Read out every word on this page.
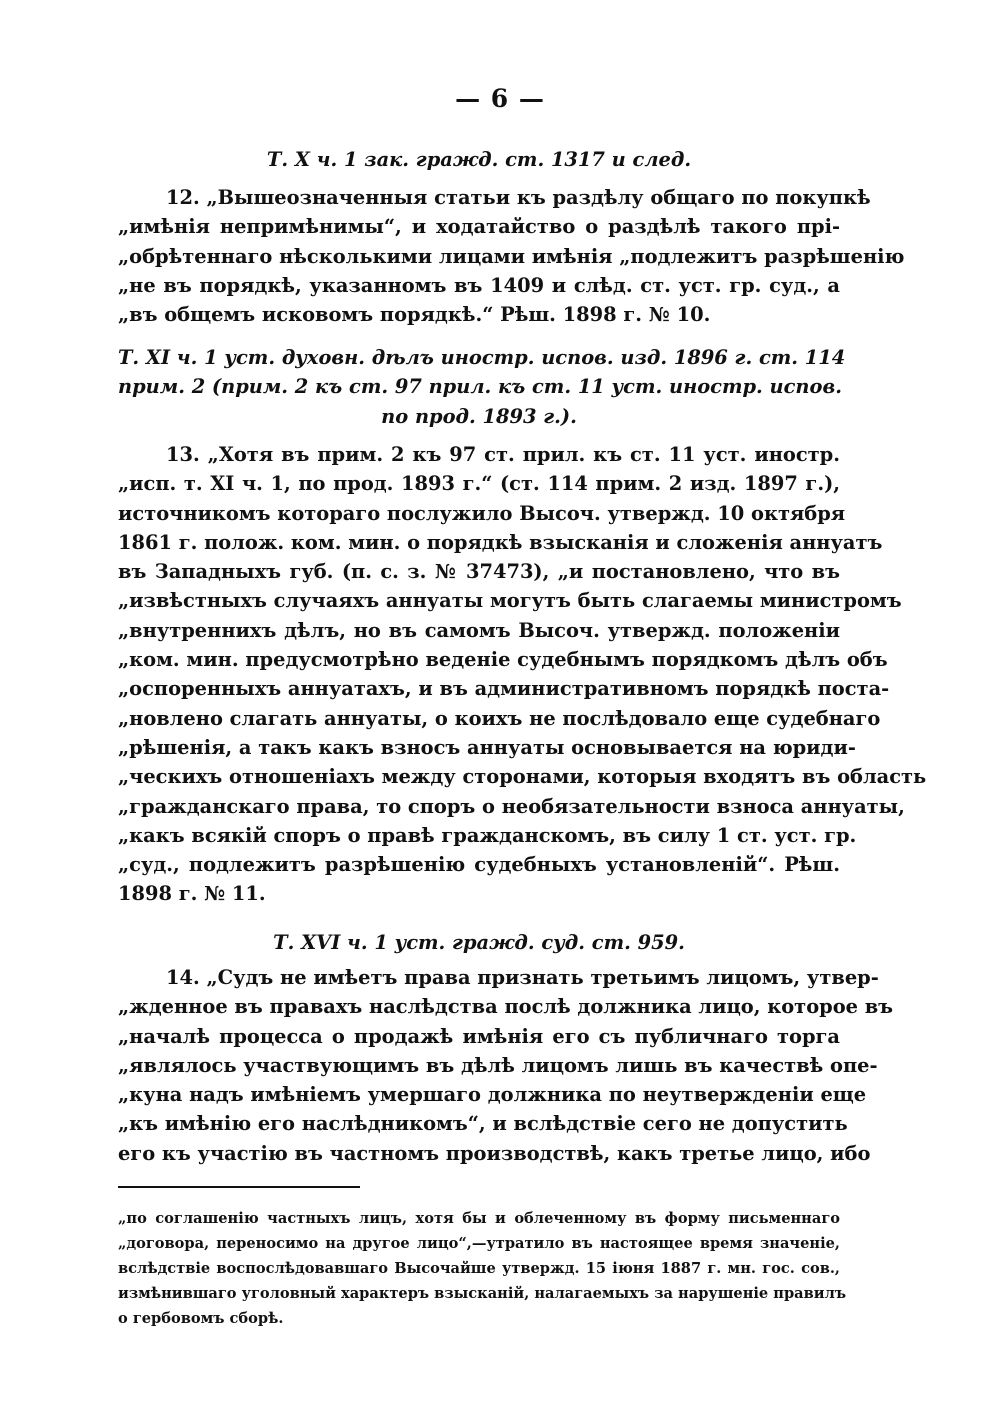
— 6 —
Т. X ч. 1 зак. гражд. ст. 1317 и след.
12. „Вышеозначенныя статьи къ раздѣлу общаго по покупкѣ
„имѣнія непримѣнимы“, и ходатайство о раздѣлѣ такого прі-
„обрѣтеннаго нѣсколькими лицами имѣнія „подлежитъ разрѣшенію
„не въ порядкѣ, указанномъ въ 1409 и слѣд. ст. уст. гр. суд., а
„въ общемъ исковомъ порядкѣ.“ Рѣш. 1898 г. № 10.
Т. XI ч. 1 уст. духовн. дѣлъ иностр. испов. изд. 1896 г. ст. 114
прим. 2 (прим. 2 къ ст. 97 прил. къ ст. 11 уст. иностр. испов.
по прод. 1893 г.).
13. „Хотя въ прим. 2 къ 97 ст. прил. къ ст. 11 уст. иностр.
„исп. т. XI ч. 1, по прод. 1893 г.“ (ст. 114 прим. 2 изд. 1897 г.),
источникомъ котораго послужило Высоч. утвержд. 10 октября
1861 г. полож. ком. мин. о порядкѣ взысканія и сложенія аннуатъ
въ Западныхъ губ. (п. с. з. № 37473), „и постановлено, что въ
„извѣстныхъ случаяхъ аннуаты могутъ быть слагаемы министромъ
„внутреннихъ дѣлъ, но въ самомъ Высоч. утвержд. положеніи
„ком. мин. предусмотрѣно веденіе судебнымъ порядкомъ дѣлъ объ
„оспоренныхъ аннуатахъ, и въ административномъ порядкѣ поста-
„новлено слагать аннуаты, о коихъ не послѣдовало еще судебнаго
„рѣшенія, а такъ какъ взносъ аннуаты основывается на юриди-
„ческихъ отношеніахъ между сторонами, которыя входятъ въ область
„гражданскаго права, то споръ о необязательности взноса аннуаты,
„какъ всякій споръ о правѣ гражданскомъ, въ силу 1 ст. уст. гр.
„суд., подлежитъ разрѣшенію судебныхъ установленій“. Рѣш.
1898 г. № 11.
Т. XVI ч. 1 уст. гражд. суд. ст. 959.
14. „Судъ не имѣетъ права признать третьимъ лицомъ, утвер-
„жденное въ правахъ наслѣдства послѣ должника лицо, которое въ
„началѣ процесса о продажѣ имѣнія его съ публичнаго торга
„являлось участвующимъ въ дѣлѣ лицомъ лишь въ качествѣ опе-
„куна надъ имѣніемъ умершаго должника по неутвержденіи еще
„къ имѣнію его наслѣдникомъ“, и вслѣдствіе сего не допустить
его къ участію въ частномъ производствѣ, какъ третье лицо, ибо
„по соглашенію частныхъ лицъ, хотя бы и облеченному въ форму письменнаго
„договора, переносимо на другое лицо“,—утратило въ настоящее время значеніе,
вслѣдствіе воспослѣдовавшаго Высочайше утвержд. 15 іюня 1887 г. мн. гос. сов.,
измѣнившаго уголовный характеръ взысканій, налагаемыхъ за нарушеніе правилъ
о гербовомъ сборѣ.
